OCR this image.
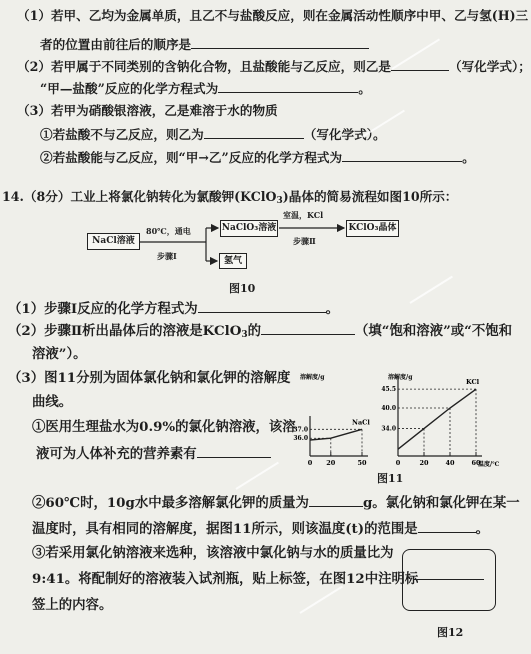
（1）若甲、乙均为金属单质，且乙不与盐酸反应，则在金属活动性顺序中甲、乙与氢(H)三
者的位置由前往后的顺序是
（2）若甲属于不同类别的含钠化合物，且盐酸能与乙反应，则乙是	（写化学式）；
“甲—盐酸”反应的化学方程式为	。
（3）若甲为硝酸银溶液，乙是难溶于水的物质
①若盐酸不与乙反应，则乙为	（写化学式）。
②若盐酸能与乙反应，则“甲→乙”反应的化学方程式为	。
14.（8分）工业上将氯化钠转化为氯酸钾(KClO$_3$)晶体的简易流程如图10所示：
NaCl溶液
80℃，通电
步骤Ⅰ
NaClO₃溶液
室温，KCl
步骤Ⅱ
KClO₃晶体
氢气
图10
（1）步骤Ⅰ反应的化学方程式为	。
（2）步骤Ⅱ析出晶体后的溶液是KClO$_3$的	（填“饱和溶液”或“不饱和
溶液”）。
（3）图11分别为固体氯化钠和氯化钾的溶解度
曲线。
①医用生理盐水为0.9%的氯化钠溶液，该溶
液可为人体补充的营养素有
溶解度/g
0 20	50
37.0
36.0
NaCl
溶解度/g
温度/℃
0	20	40	60
45.5
40.0
34.0
KCl
图11
②60℃时，10g水中最多溶解氯化钾的质量为	g。氯化钠和氯化钾在某一
温度时，具有相同的溶解度，据图11所示，则该温度(t)的范围是	。
③若采用氯化钠溶液来选种，该溶液中氯化钠与水的质量比为
9:41。将配制好的溶液装入试剂瓶，贴上标签，在图12中注明标
签上的内容。
图12
